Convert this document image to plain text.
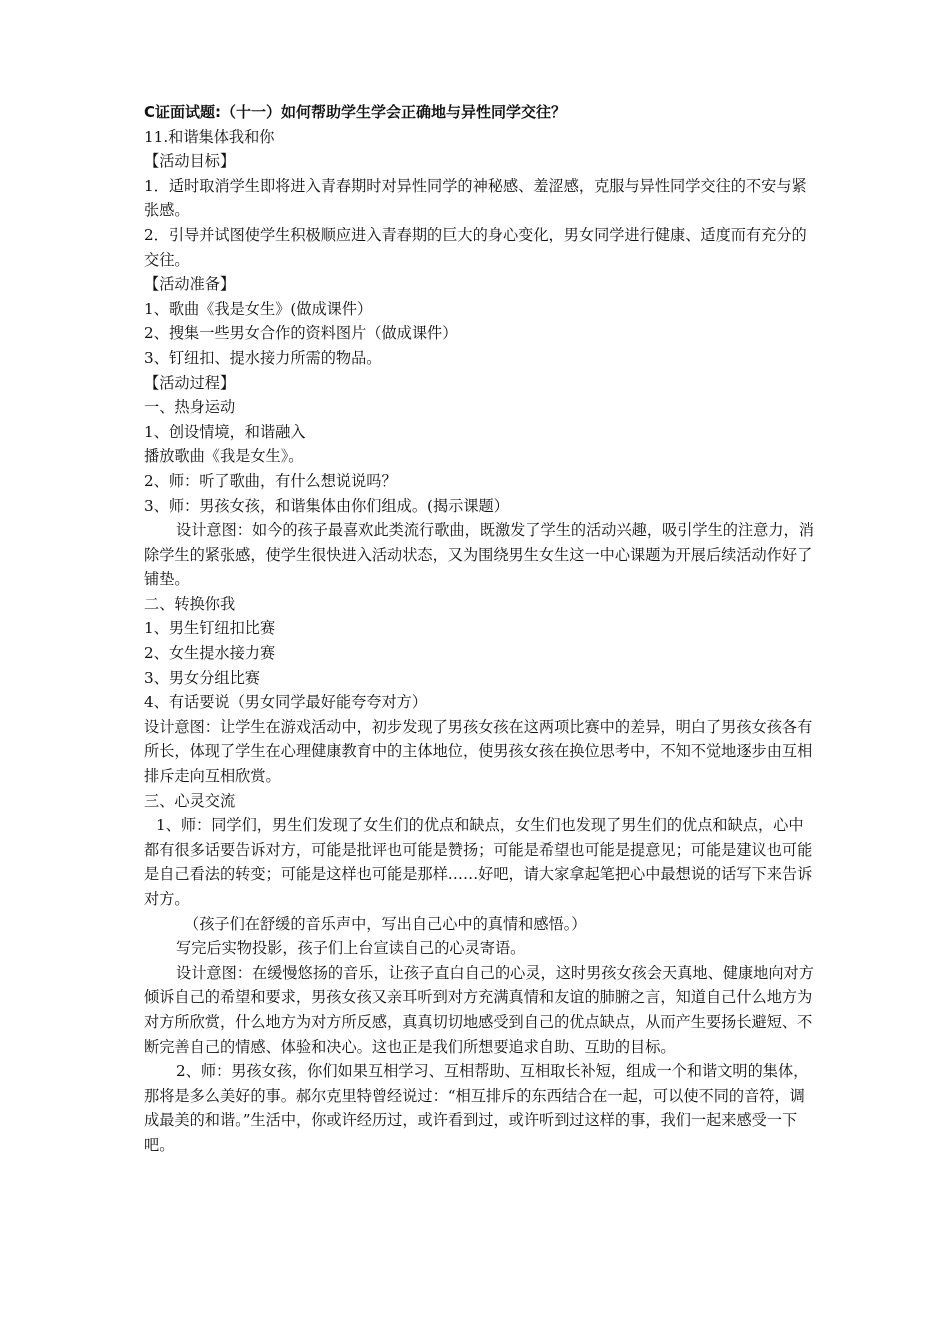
C证面试题:（十一）如何帮助学生学会正确地与异性同学交往？

11.和谐集体我和你

【活动目标】

1．适时取消学生即将进入青春期时对异性同学的神秘感、羞涩感，克服与异性同学交往的不安与紧张感。

2．引导并试图使学生积极顺应进入青春期的巨大的身心变化，男女同学进行健康、适度而有充分的交往。

【活动准备】

1、歌曲《我是女生》(做成课件）

2、搜集一些男女合作的资料图片（做成课件）

3、钉纽扣、提水接力所需的物品。

【活动过程】

一、热身运动

1、创设情境，和谐融入

播放歌曲《我是女生》。

2、师：听了歌曲，有什么想说说吗？

3、师：男孩女孩，和谐集体由你们组成。(揭示课题）

设计意图：如今的孩子最喜欢此类流行歌曲，既激发了学生的活动兴趣，吸引学生的注意力，消除学生的紧张感，使学生很快进入活动状态，又为围绕男生女生这一中心课题为开展后续活动作好了铺垫。

二、转换你我

1、男生钉纽扣比赛

2、女生提水接力赛

3、男女分组比赛

4、有话要说（男女同学最好能夸夸对方）

设计意图：让学生在游戏活动中，初步发现了男孩女孩在这两项比赛中的差异，明白了男孩女孩各有所长，体现了学生在心理健康教育中的主体地位，使男孩女孩在换位思考中，不知不觉地逐步由互相排斥走向互相欣赏。

三、心灵交流

1、师：同学们，男生们发现了女生们的优点和缺点，女生们也发现了男生们的优点和缺点，心中都有很多话要告诉对方，可能是批评也可能是赞扬；可能是希望也可能是提意见；可能是建议也可能是自己看法的转变；可能是这样也可能是那样……好吧，请大家拿起笔把心中最想说的话写下来告诉对方。

（孩子们在舒缓的音乐声中，写出自己心中的真情和感悟。）

写完后实物投影，孩子们上台宣读自己的心灵寄语。

设计意图：在缓慢悠扬的音乐，让孩子直白自己的心灵，这时男孩女孩会天真地、健康地向对方倾诉自己的希望和要求，男孩女孩又亲耳听到对方充满真情和友谊的肺腑之言，知道自己什么地方为对方所欣赏，什么地方为对方所反感，真真切切地感受到自己的优点缺点，从而产生要扬长避短、不断完善自己的情感、体验和决心。这也正是我们所想要追求自助、互助的目标。

2、师：男孩女孩，你们如果互相学习、互相帮助、互相取长补短，组成一个和谐文明的集体，那将是多么美好的事。郝尔克里特曾经说过：“相互排斥的东西结合在一起，可以使不同的音符，调成最美的和谐。”生活中，你或许经历过，或许看到过，或许听到过这样的事，我们一起来感受一下吧。
